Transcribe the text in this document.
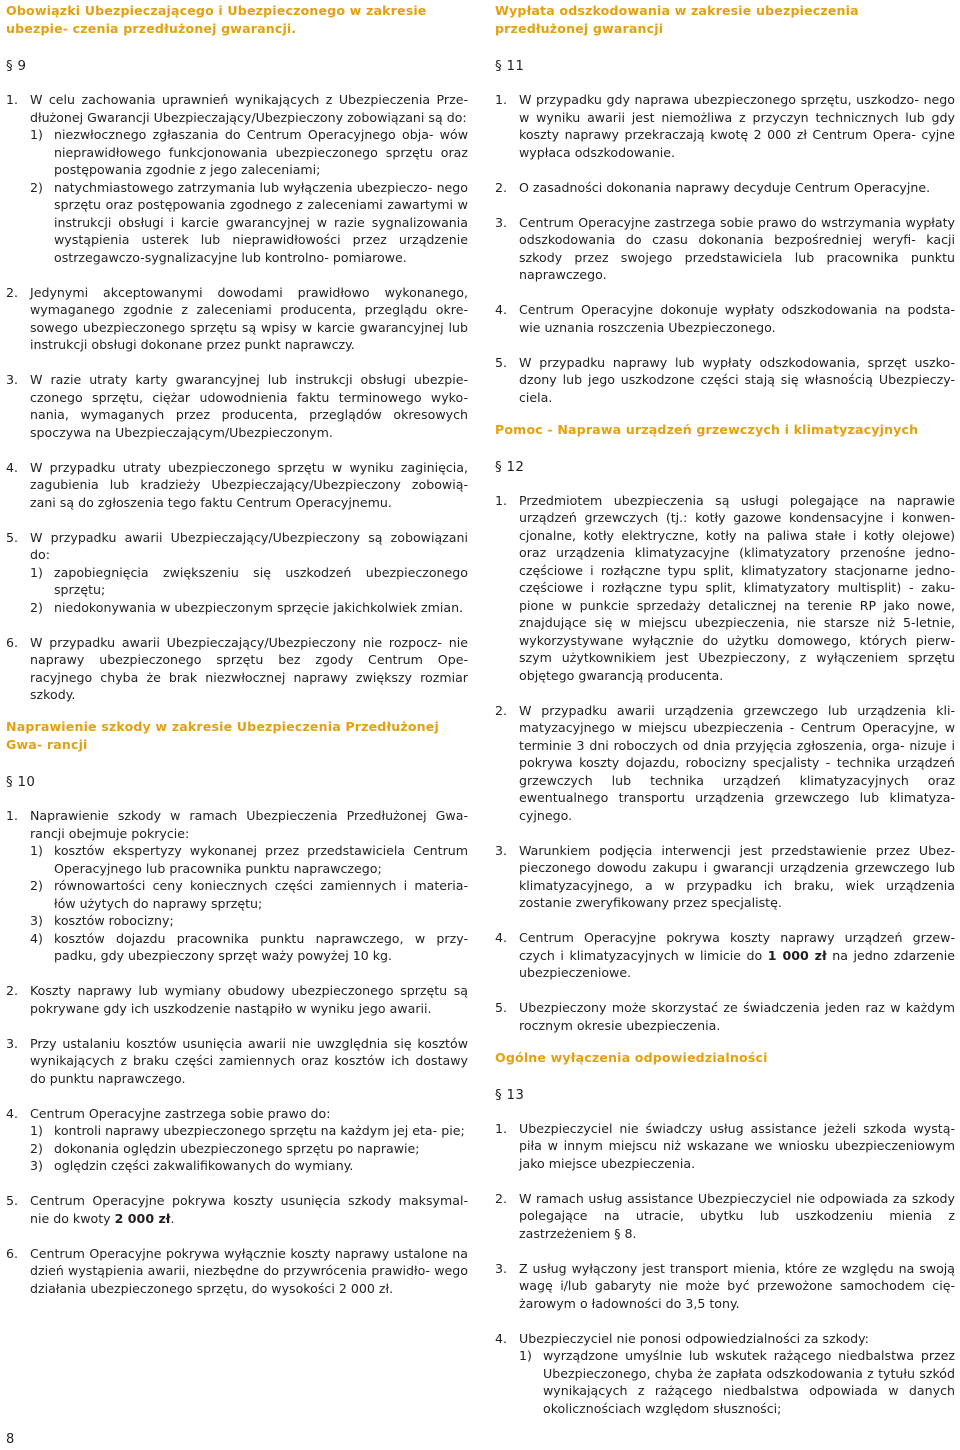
Obowiązki Ubezpieczającego i Ubezpieczonego w zakresie ubezpie- czenia przedłużonej gwarancji.

§ 9

1. W celu zachowania uprawnień wynikających z Ubezpieczenia Prze- dłużonej Gwarancji Ubezpieczający/Ubezpieczony zobowiązani są do:
1) niezwłocznego zgłaszania do Centrum Operacyjnego obja- wów nieprawidłowego funkcjonowania ubezpieczonego sprzętu oraz postępowania zgodnie z jego zaleceniami;
2) natychmiastowego zatrzymania lub wyłączenia ubezpieczo- nego sprzętu oraz postępowania zgodnego z zaleceniami zawartymi w instrukcji obsługi i karcie gwarancyjnej w razie sygnalizowania wystąpienia usterek lub nieprawidłowości przez urządzenie ostrzegawczo-sygnalizacyjne lub kontrolno- pomiarowe.
2. Jedynymi akceptowanymi dowodami prawidłowo wykonanego, wymaganego zgodnie z zaleceniami producenta, przeglądu okre- sowego ubezpieczonego sprzętu są wpisy w karcie gwarancyjnej lub instrukcji obsługi dokonane przez punkt naprawczy.
3. W razie utraty karty gwarancyjnej lub instrukcji obsługi ubezpie- czonego sprzętu, ciężar udowodnienia faktu terminowego wyko- nania, wymaganych przez producenta, przeglądów okresowych spoczywa na Ubezpieczającym/Ubezpieczonym.
4. W przypadku utraty ubezpieczonego sprzętu w wyniku zaginięcia, zagubienia lub kradzieży Ubezpieczający/Ubezpieczony zobowią- zani są do zgłoszenia tego faktu Centrum Operacyjnemu.
5. W przypadku awarii Ubezpieczający/Ubezpieczony są zobowiązani do:
1) zapobiegnięcia zwiększeniu się uszkodzeń ubezpieczonego sprzętu;
2) niedokonywania w ubezpieczonym sprzęcie jakichkolwiek zmian.
6. W przypadku awarii Ubezpieczający/Ubezpieczony nie rozpocz- nie naprawy ubezpieczonego sprzętu bez zgody Centrum Ope- racyjnego chyba że brak niezwłocznej naprawy zwiększy rozmiar szkody.

Naprawienie szkody w zakresie Ubezpieczenia Przedłużonej Gwa- rancji

§ 10

1. Naprawienie szkody w ramach Ubezpieczenia Przedłużonej Gwa- rancji obejmuje pokrycie:
1) kosztów ekspertyzy wykonanej przez przedstawiciela Centrum Operacyjnego lub pracownika punktu naprawczego;
2) równowartości ceny koniecznych części zamiennych i materia- łów użytych do naprawy sprzętu;
3) kosztów robocizny;
4) kosztów dojazdu pracownika punktu naprawczego, w przy- padku, gdy ubezpieczony sprzęt waży powyżej 10 kg.
2. Koszty naprawy lub wymiany obudowy ubezpieczonego sprzętu są pokrywane gdy ich uszkodzenie nastąpiło w wyniku jego awarii.
3. Przy ustalaniu kosztów usunięcia awarii nie uwzględnia się kosztów wynikających z braku części zamiennych oraz kosztów ich dostawy do punktu naprawczego.
4. Centrum Operacyjne zastrzega sobie prawo do:
1) kontroli naprawy ubezpieczonego sprzętu na każdym jej eta- pie;
2) dokonania oględzin ubezpieczonego sprzętu po naprawie;
3) oględzin części zakwalifikowanych do wymiany.
5. Centrum Operacyjne pokrywa koszty usunięcia szkody maksymal- nie do kwoty 2 000 zł.
6. Centrum Operacyjne pokrywa wyłącznie koszty naprawy ustalone na dzień wystąpienia awarii, niezbędne do przywrócenia prawidło- wego działania ubezpieczonego sprzętu, do wysokości 2 000 zł.

Wypłata odszkodowania w zakresie ubezpieczenia przedłużonej gwarancji

§ 11

1. W przypadku gdy naprawa ubezpieczonego sprzętu, uszkodzo- nego w wyniku awarii jest niemożliwa z przyczyn technicznych lub gdy koszty naprawy przekraczają kwotę 2 000 zł Centrum Opera- cyjne wypłaca odszkodowanie.
2. O zasadności dokonania naprawy decyduje Centrum Operacyjne.
3. Centrum Operacyjne zastrzega sobie prawo do wstrzymania wypłaty odszkodowania do czasu dokonania bezpośredniej weryfi- kacji szkody przez swojego przedstawiciela lub pracownika punktu naprawczego.
4. Centrum Operacyjne dokonuje wypłaty odszkodowania na podsta- wie uznania roszczenia Ubezpieczonego.
5. W przypadku naprawy lub wypłaty odszkodowania, sprzęt uszko- dzony lub jego uszkodzone części stają się własnością Ubezpieczy- ciela.

Pomoc - Naprawa urządzeń grzewczych i klimatyzacyjnych

§ 12

1. Przedmiotem ubezpieczenia są usługi polegające na naprawie urządzeń grzewczych (tj.: kotły gazowe kondensacyjne i konwen- cjonalne, kotły elektryczne, kotły na paliwa stałe i kotły olejowe) oraz urządzenia klimatyzacyjne (klimatyzatory przenośne jedno- częściowe i rozłączne typu split, klimatyzatory stacjonarne jedno- częściowe i rozłączne typu split, klimatyzatory multisplit) - zaku- pione w punkcie sprzedaży detalicznej na terenie RP jako nowe, znajdujące się w miejscu ubezpieczenia, nie starsze niż 5-letnie, wykorzystywane wyłącznie do użytku domowego, których pierw- szym użytkownikiem jest Ubezpieczony, z wyłączeniem sprzętu objętego gwarancją producenta.
2. W przypadku awarii urządzenia grzewczego lub urządzenia kli- matyzacyjnego w miejscu ubezpieczenia - Centrum Operacyjne, w terminie 3 dni roboczych od dnia przyjęcia zgłoszenia, orga- nizuje i pokrywa koszty dojazdu, robocizny specjalisty - technika urządzeń grzewczych lub technika urządzeń klimatyzacyjnych oraz ewentualnego transportu urządzenia grzewczego lub klimatyza- cyjnego.
3. Warunkiem podjęcia interwencji jest przedstawienie przez Ubez- pieczonego dowodu zakupu i gwarancji urządzenia grzewczego lub klimatyzacyjnego, a w przypadku ich braku, wiek urządzenia zostanie zweryfikowany przez specjalistę.
4. Centrum Operacyjne pokrywa koszty naprawy urządzeń grzew- czych i klimatyzacyjnych w limicie do 1 000 zł na jedno zdarzenie ubezpieczeniowe.
5. Ubezpieczony może skorzystać ze świadczenia jeden raz w każdym rocznym okresie ubezpieczenia.

Ogólne wyłączenia odpowiedzialności

§ 13

1. Ubezpieczyciel nie świadczy usług assistance jeżeli szkoda wystą- piła w innym miejscu niż wskazane we wniosku ubezpieczeniowym jako miejsce ubezpieczenia.
2. W ramach usług assistance Ubezpieczyciel nie odpowiada za szkody polegające na utracie, ubytku lub uszkodzeniu mienia z zastrzeżeniem § 8.
3. Z usług wyłączony jest transport mienia, które ze względu na swoją wagę i/lub gabaryty nie może być przewożone samochodem cię- żarowym o ładowności do 3,5 tony.
4. Ubezpieczyciel nie ponosi odpowiedzialności za szkody:
1) wyrządzone umyślnie lub wskutek rażącego niedbalstwa przez Ubezpieczonego, chyba że zapłata odszkodowania z tytułu szkód wynikających z rażącego niedbalstwa odpowiada w danych okolicznościach względom słuszności;
8
